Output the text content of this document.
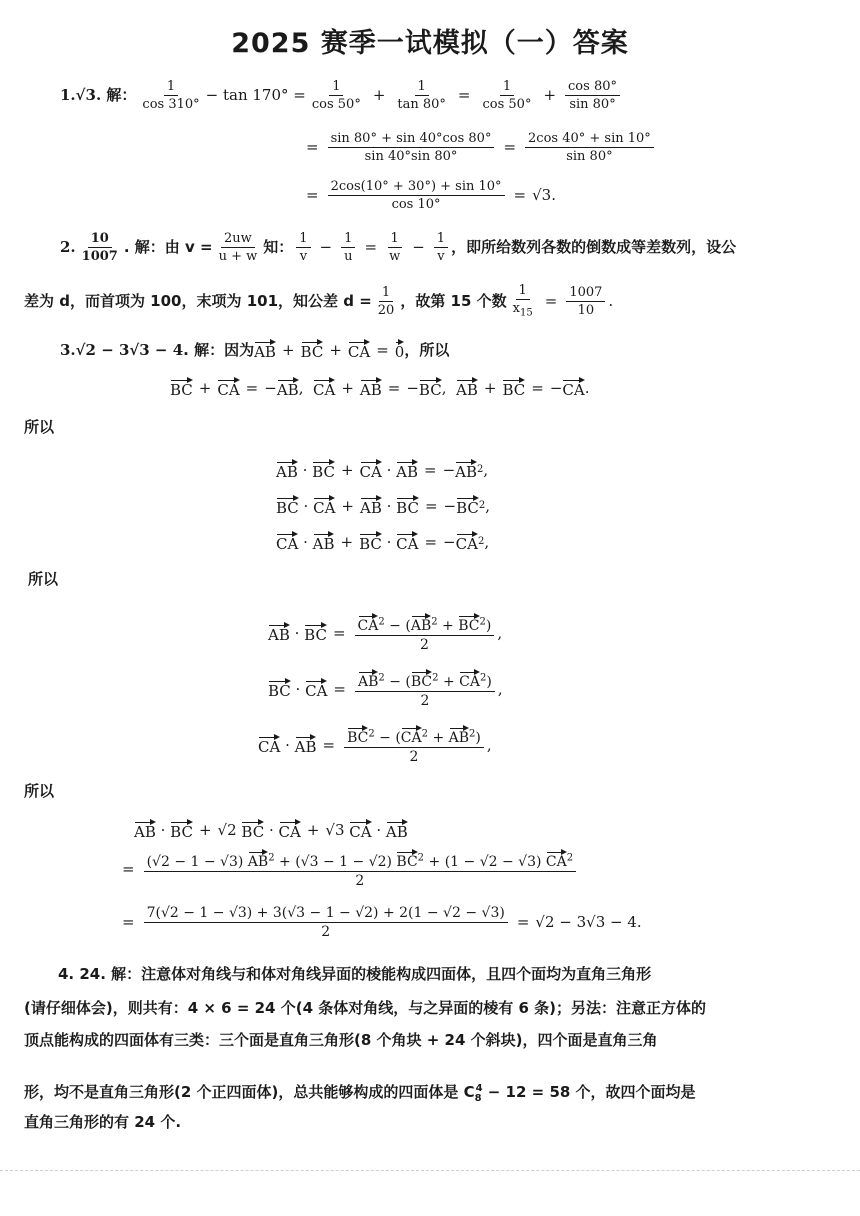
2025 赛季一试模拟（一）答案
1. √3 . 解： $\frac{1}{\cos 310^\circ} - \tan 170^\circ = \frac{1}{\cos 50^\circ} + \frac{1}{\tan 80^\circ} = \frac{1}{\cos 50^\circ} + \frac{\cos 80^\circ}{\sin 80^\circ}$
= $\frac{\sin 80^\circ + \sin 40^\circ\cos 80^\circ}{\sin 40^\circ\sin 80^\circ} = \frac{2\cos 40^\circ + \sin 10^\circ}{\sin 80^\circ}$
= $\frac{2\cos(10^\circ + 30^\circ) + \sin 10^\circ}{\cos 10^\circ} = √3$.
2. $\frac{10}{1007}$ . 解：由 $v = \frac{2uw}{u + w}$ 知： $\frac{1}{v} - \frac{1}{u} = \frac{1}{w} - \frac{1}{v}$ ，即所给数列各数的倒数成等差数列，设公
差为 d，而首项为 100，末项为 101，知公差 $d = \frac{1}{20}$ ，故第 15 个数 $\frac{1}{x_{15}} = \frac{1007}{10}$ .
3. √2 − 3√3 − 4 . 解：因为 AB + BC + CA = 0 ，所以
BC + CA = − AB ,
CA + AB = − BC ,
AB + BC = − CA .
所以
AB · BC + CA · AB = − AB 2 ,
BC · CA + AB · BC = − BC 2 ,
CA · AB + BC · CA = − CA 2 ,
所以
AB · BC = $\frac{CA^2 - (AB^2 + BC^2)}{2}$ ,
BC · CA = $\frac{AB^2 - (BC^2 + CA^2)}{2}$ ,
CA · AB = $\frac{BC^2 - (CA^2 + AB^2)}{2}$ ,
所以
AB · BC + √2
BC · CA + √3
CA · AB
= $\frac{(√2 - 1 - √3) AB^2 + (√3 - 1 - √2) BC^2 + (1 - √2 - √3) CA^2}{2}$
= $\frac{7(√2 - 1 - √3) + 3(√3 - 1 - √2) + 2(1 - √2 - √3)}{2} = √2 - 3√3 - 4$.
4. 24. 解：注意体对角线与和体对角线异面的棱能构成四面体，且四个面均为直角三角形
(请仔细体会)，则共有：4 × 6 = 24 个(4 条体对角线，与之异面的棱有 6 条)；另法：注意正方体的
顶点能构成的四面体有三类：三个面是直角三角形(8 个角块 + 24 个斜块)，四个面是直角三角
形，均不是直角三角形(2 个正四面体)，总共能够构成的四面体是 $C_8^4 - 12 = 58$ 个，故四个面均是
直角三角形的有 24 个.
